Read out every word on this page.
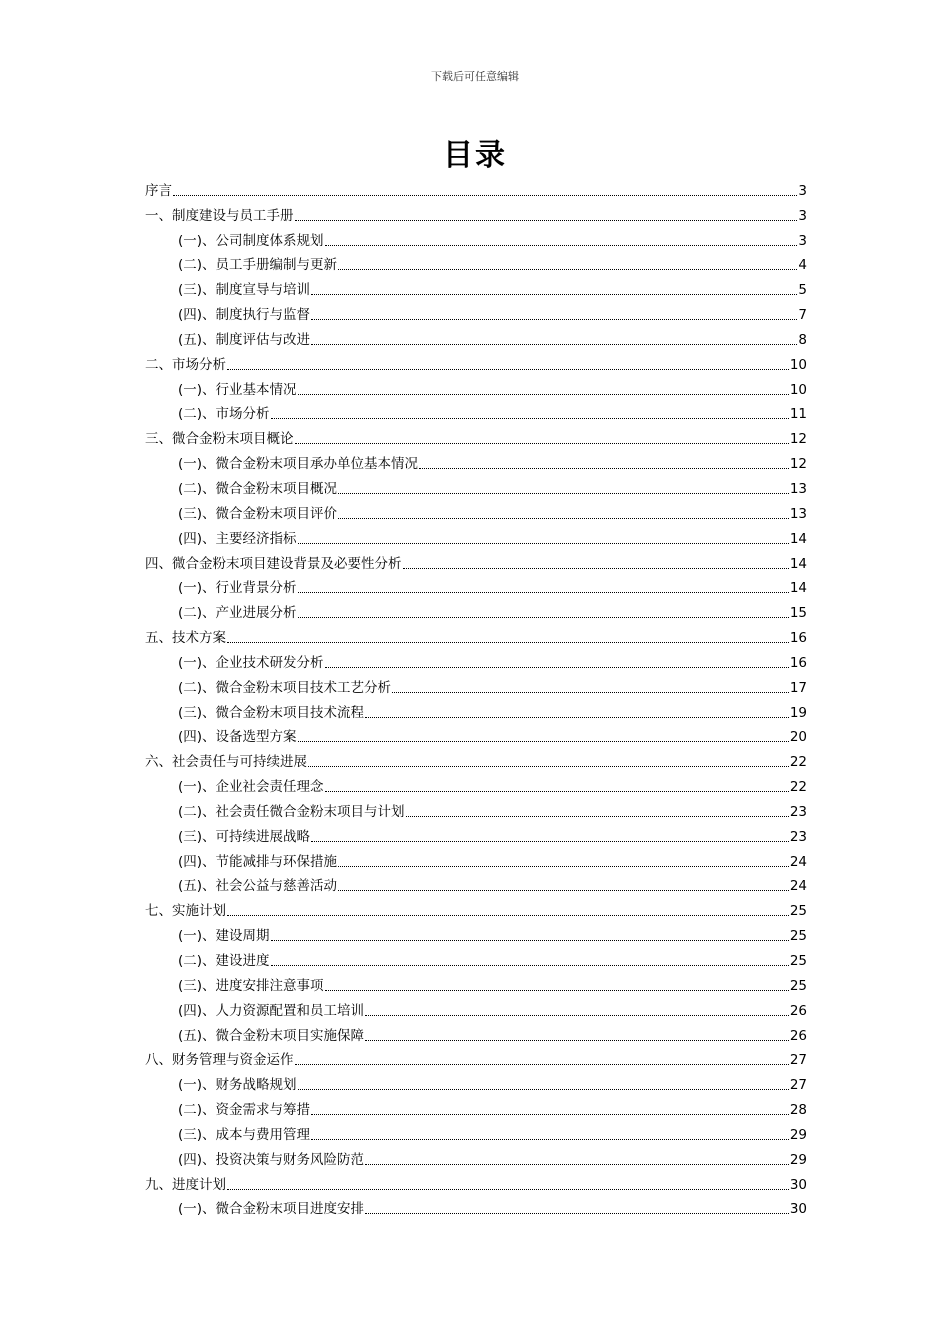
下载后可任意编辑
目录
序言	3
一、制度建设与员工手册	3
(一)、公司制度体系规划	3
(二)、员工手册编制与更新	4
(三)、制度宣导与培训	5
(四)、制度执行与监督	7
(五)、制度评估与改进	8
二、市场分析	10
(一)、行业基本情况	10
(二)、市场分析	11
三、微合金粉末项目概论	12
(一)、微合金粉末项目承办单位基本情况	12
(二)、微合金粉末项目概况	13
(三)、微合金粉末项目评价	13
(四)、主要经济指标	14
四、微合金粉末项目建设背景及必要性分析	14
(一)、行业背景分析	14
(二)、产业进展分析	15
五、技术方案	16
(一)、企业技术研发分析	16
(二)、微合金粉末项目技术工艺分析	17
(三)、微合金粉末项目技术流程	19
(四)、设备选型方案	20
六、社会责任与可持续进展	22
(一)、企业社会责任理念	22
(二)、社会责任微合金粉末项目与计划	23
(三)、可持续进展战略	23
(四)、节能减排与环保措施	24
(五)、社会公益与慈善活动	24
七、实施计划	25
(一)、建设周期	25
(二)、建设进度	25
(三)、进度安排注意事项	25
(四)、人力资源配置和员工培训	26
(五)、微合金粉末项目实施保障	26
八、财务管理与资金运作	27
(一)、财务战略规划	27
(二)、资金需求与筹措	28
(三)、成本与费用管理	29
(四)、投资决策与财务风险防范	29
九、进度计划	30
(一)、微合金粉末项目进度安排	30
